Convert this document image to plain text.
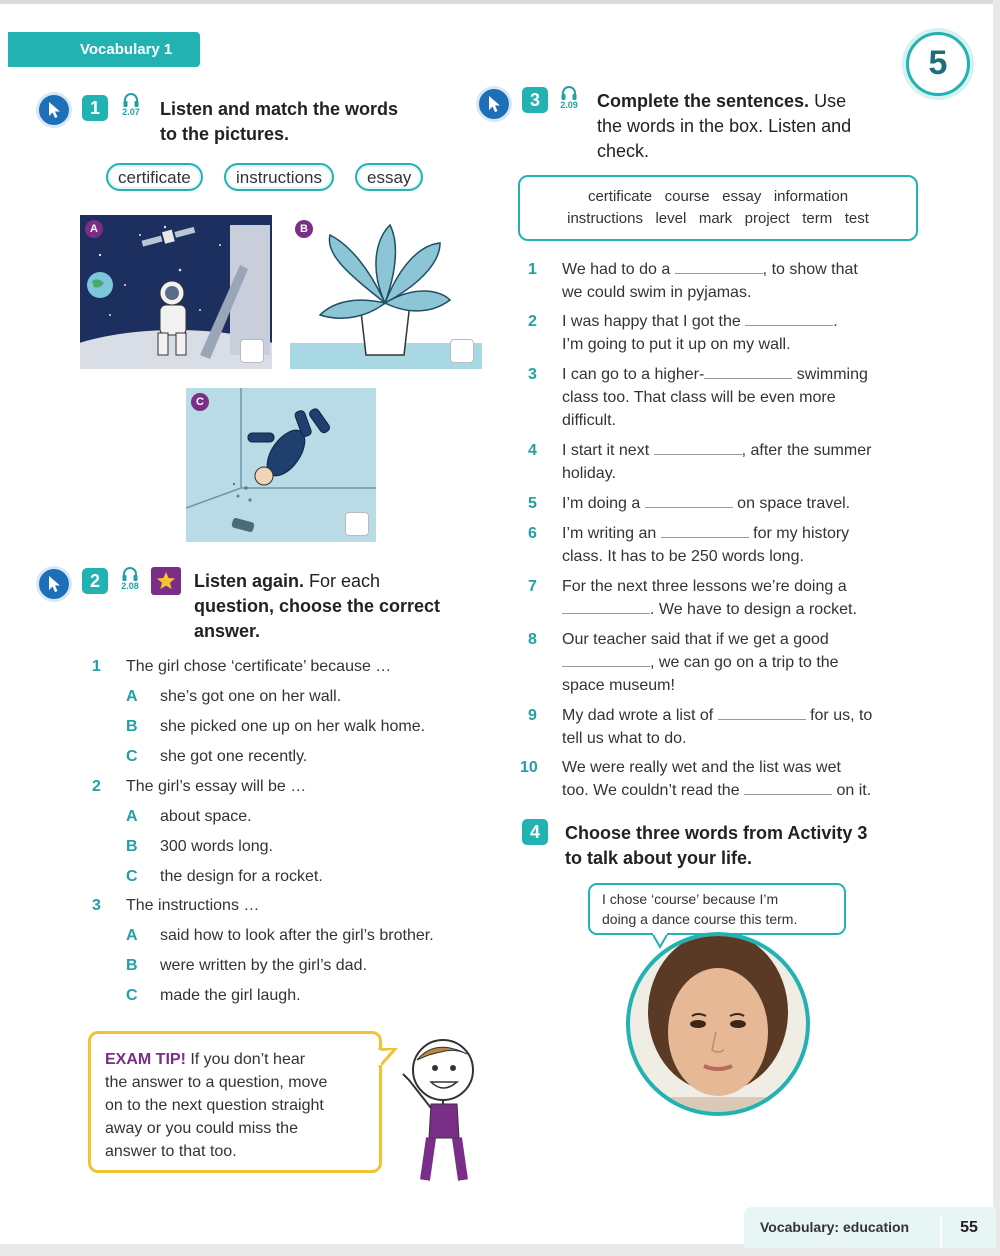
Vocabulary 1	5
1	2.07 Listen and match the words
to the pictures.
certificate	instructions	essay
A	B
C
2	2.08	Listen again. For each
question, choose the correct
answer.
1 The girl chose ‘certificate’ because …
A she’s got one on her wall.
B she picked one up on her walk home.
C she got one recently.
2 The girl’s essay will be …
A about space.
B 300 words long.
C the design for a rocket.
3 The instructions …
A said how to look after the girl’s brother.
B were written by the girl’s dad.
C made the girl laugh.
EXAM TIP! If you don’t hear
the answer to a question, move
on to the next question straight
away or you could miss the
answer to that too.
3	2.09 Complete the sentences. Use
the words in the box. Listen and
check.
certificate   course   essay   information
instructions   level   mark   project   term   test
1 We had to do a	, to show that
we could swim in pyjamas.
2 I was happy that I got the	.
I’m going to put it up on my wall.
3 I can go to a higher-	swimming
class too. That class will be even more
difficult.
4 I start it next	, after the summer
holiday.
5 I’m doing a	on space travel.
6 I’m writing an	for my history
class. It has to be 250 words long.
7 For the next three lessons we’re doing a
. We have to design a rocket.
8 Our teacher said that if we get a good
, we can go on a trip to the
space museum!
9 My dad wrote a list of	for us, to
tell us what to do.
10 We were really wet and the list was wet
too. We couldn’t read the	on it.
4	Choose three words from Activity 3
to talk about your life.
I chose ‘course’ because I’m
doing a dance course this term.
Vocabulary: education	55
